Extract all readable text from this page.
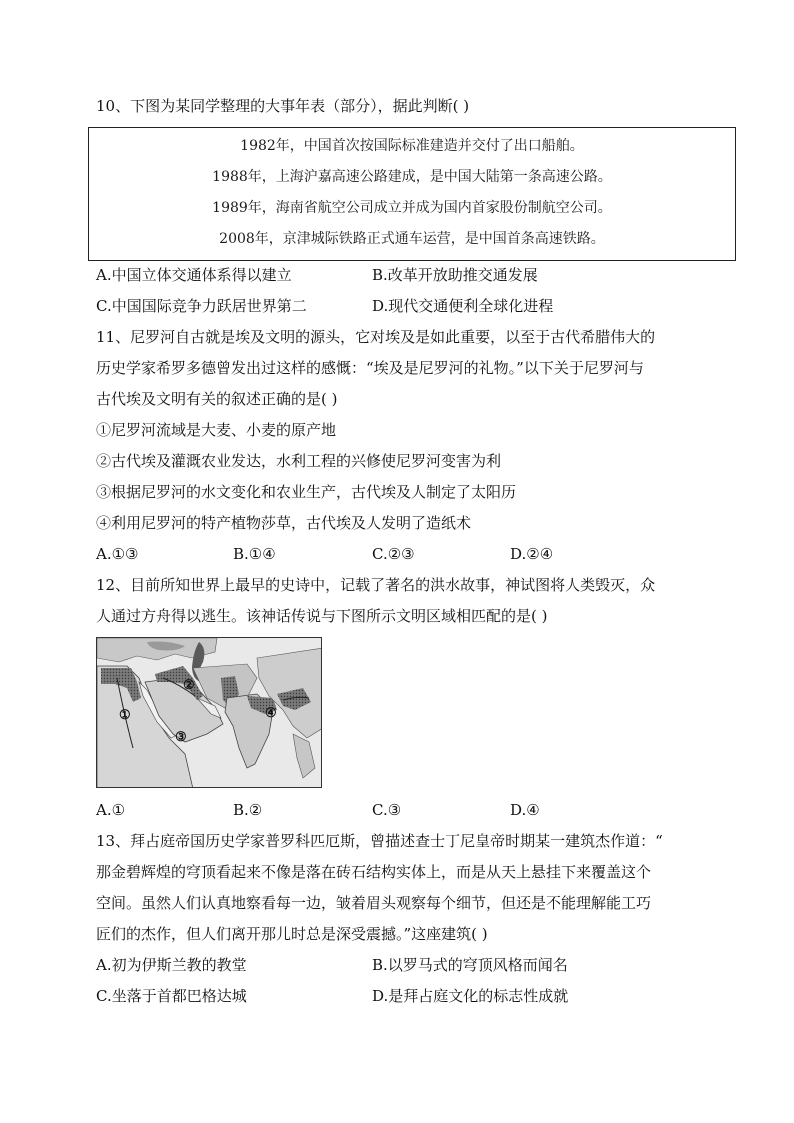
10、下图为某同学整理的大事年表（部分），据此判断( )
1982年，中国首次按国际标准建造并交付了出口船舶。
1988年，上海沪嘉高速公路建成，是中国大陆第一条高速公路。
1989年，海南省航空公司成立并成为国内首家股份制航空公司。
2008年，京津城际铁路正式通车运营，是中国首条高速铁路。
A.中国立体交通体系得以建立	B.改革开放助推交通发展
C.中国国际竞争力跃居世界第二	D.现代交通便利全球化进程
11、尼罗河自古就是埃及文明的源头，它对埃及是如此重要，以至于古代希腊伟大的
历史学家希罗多德曾发出过这样的感慨：“埃及是尼罗河的礼物。”以下关于尼罗河与
古代埃及文明有关的叙述正确的是( )
①尼罗河流域是大麦、小麦的原产地
②古代埃及灌溉农业发达，水利工程的兴修使尼罗河变害为利
③根据尼罗河的水文变化和农业生产，古代埃及人制定了太阳历
④利用尼罗河的特产植物莎草，古代埃及人发明了造纸术
A.①③	B.①④	C.②③	D.②④
12、目前所知世界上最早的史诗中，记载了著名的洪水故事，神试图将人类毁灭，众
人通过方舟得以逃生。该神话传说与下图所示文明区域相匹配的是( )
②
①
③
④
A.①	B.②	C.③	D.④
13、拜占庭帝国历史学家普罗科匹厄斯，曾描述查士丁尼皇帝时期某一建筑杰作道：“
那金碧辉煌的穹顶看起来不像是落在砖石结构实体上，而是从天上悬挂下来覆盖这个
空间。虽然人们认真地察看每一边，皱着眉头观察每个细节，但还是不能理解能工巧
匠们的杰作，但人们离开那儿时总是深受震撼。”这座建筑( )
A.初为伊斯兰教的教堂	B.以罗马式的穹顶风格而闻名
C.坐落于首都巴格达城	D.是拜占庭文化的标志性成就
